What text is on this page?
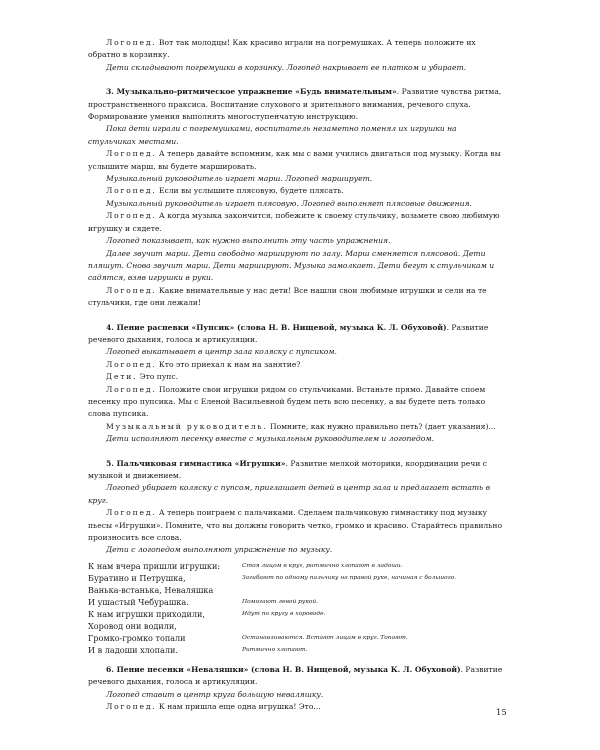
Логопед. Вот так молодцы! Как красиво играли на погремушках. А теперь положите их обратно в корзинку.

Дети складывают погремушки в корзинку. Логопед накрывает ее платком и убирает.

3. Музыкально-ритмическое упражнение «Будь внимательным». Развитие чувства ритма, пространственного праксиса. Воспитание слухового и зрительного внимания, речевого слуха. Формирование умения выполнять многоступенчатую инструкцию.

Пока дети играли с погремушками, воспитатель незаметно поменял их игрушки на стульчиках местами.

Логопед. А теперь давайте вспомним, как мы с вами учились двигаться под музыку. Когда вы услышите марш, вы будете маршировать.

Музыкальный руководитель играет марш. Логопед марширует.

Логопед. Если вы услышите плясовую, будете плясать.

Музыкальный руководитель играет плясовую. Логопед выполняет плясовые движения.

Логопед. А когда музыка закончится, побежите к своему стульчику, возьмете свою любимую игрушку и сядете.

Логопед показывает, как нужно выполнить эту часть упражнения.

Далее звучит марш. Дети свободно маршируют по залу. Марш сменяется плясовой. Дети пляшут. Снова звучит марш. Дети маршируют. Музыка замолкает. Дети бегут к стульчикам и садятся, взяв игрушки в руки.

Логопед. Какие внимательные у нас дети! Все нашли свои любимые игрушки и сели на те стульчики, где они лежали!

4. Пение распевки «Пупсик» (слова Н. В. Нищевой, музыка К. Л. Обуховой). Развитие речевого дыхания, голоса и артикуляции.

Логопед выкатывает в центр зала коляску с пупсиком.

Логопед. Кто это приехал к нам на занятие?

Дети. Это пупс.

Логопед. Положите свои игрушки рядом со стульчиками. Встаньте прямо. Давайте споем песенку про пупсика. Мы с Еленой Васильевной будем петь всю песенку, а вы будете петь только слова пупсика.

Музыкальный руководитель. Помните, как нужно правильно петь? (дает указания)...

Дети исполняют песенку вместе с музыкальным руководителем и логопедом.

5. Пальчиковая гимнастика «Игрушки». Развитие мелкой моторики, координации речи с музыкой и движением.

Логопед убирает коляску с пупсом, приглашает детей в центр зала и предлагает встать в круг.

Логопед. А теперь поиграем с пальчиками. Сделаем пальчиковую гимнастику под музыку пьесы «Игрушки». Помните, что вы должны говорить четко, громко и красиво. Старайтесь правильно произносить все слова.

Дети с логопедом выполняют упражнение по музыку.

К нам вчера пришли игрушки:	Стоя лицом в круг, ритмично хлопают в ладоши.
Буратино и Петрушка,	Загибают по одному пальчику на правой руке, начиная с большого.
Ванька-встанька, Неваляшка
И ушастый Чебурашка.	Помогают левой рукой.
К нам игрушки приходили,	Идут по кругу в хороводе.
Хоровод они водили,
Громко-громко топали	Останавливаются. Встают лицом в круг. Топают.
И в ладоши хлопали.	Ритмично хлопают.

6. Пение песенки «Неваляшки» (слова Н. В. Нищевой, музыка К. Л. Обуховой). Развитие речевого дыхания, голоса и артикуляции.

Логопед ставит в центр круга большую неваляшку.

Логопед. К нам пришла еще одна игрушка! Это...

15
